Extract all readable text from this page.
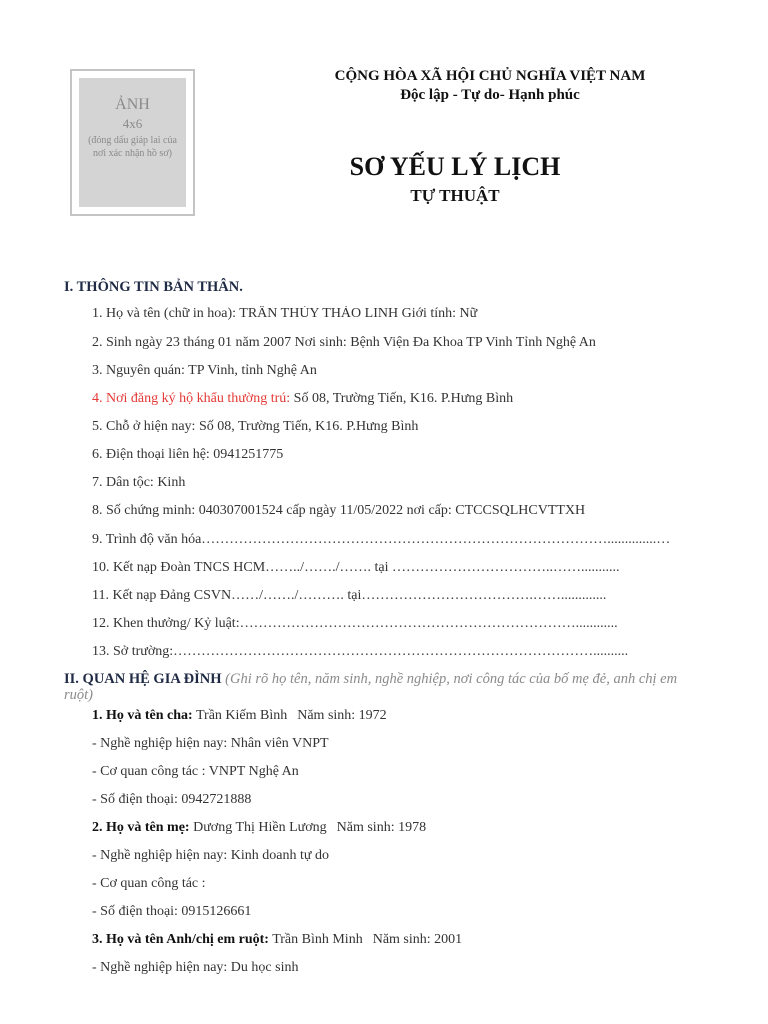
ẢNH
4x6
(đóng dấu giáp lai của nơi xác nhận hồ sơ)
CỘNG HÒA XÃ HỘI CHỦ NGHĨA VIỆT NAM
Độc lập - Tự do- Hạnh phúc
SƠ YẾU LÝ LỊCH
TỰ THUẬT
I. THÔNG TIN BẢN THÂN.
1. Họ và tên (chữ in hoa): TRẦN THÙY THẢO LINH Giới tính: Nữ
2. Sinh ngày 23 tháng 01 năm 2007 Nơi sinh: Bệnh Viện Đa Khoa TP Vinh Tỉnh Nghệ An
3. Nguyên quán: TP Vinh, tỉnh Nghệ An
4. Nơi đăng ký hộ khẩu thường trú: Số 08, Trường Tiến, K16. P.Hưng Bình
5. Chỗ ở hiện nay: Số 08, Trường Tiến, K16. P.Hưng Bình
6. Điện thoại liên hệ: 0941251775
7. Dân tộc: Kinh
8. Số chứng minh: 040307001524 cấp ngày 11/05/2022 nơi cấp: CTCCSQLHCVTTXH
9. Trình độ văn hóa……………………………………………………………………………..............…
10. Kết nạp Đoàn TNCS HCM……../……./……. tại ……………………………..……...........
11. Kết nạp Đảng CSVN……/……./………. tại……………………………….…….............
12. Khen thưởng/ Kỷ luật:………………………………………………………………............
13. Sở trường:………………………………………………………………………………..........
II. QUAN HỆ GIA ĐÌNH (Ghi rõ họ tên, năm sinh, nghề nghiệp, nơi công tác của bố mẹ đẻ, anh chị em ruột)
1. Họ và tên cha: Trần Kiếm Bình Năm sinh: 1972
- Nghề nghiệp hiện nay: Nhân viên VNPT
- Cơ quan công tác : VNPT Nghệ An
- Số điện thoại: 0942721888
2. Họ và tên mẹ: Dương Thị Hiền Lương Năm sinh: 1978
- Nghề nghiệp hiện nay: Kinh doanh tự do
- Cơ quan công tác :
- Số điện thoại: 0915126661
3. Họ và tên Anh/chị em ruột: Trần Bình Minh Năm sinh: 2001
- Nghề nghiệp hiện nay: Du học sinh
